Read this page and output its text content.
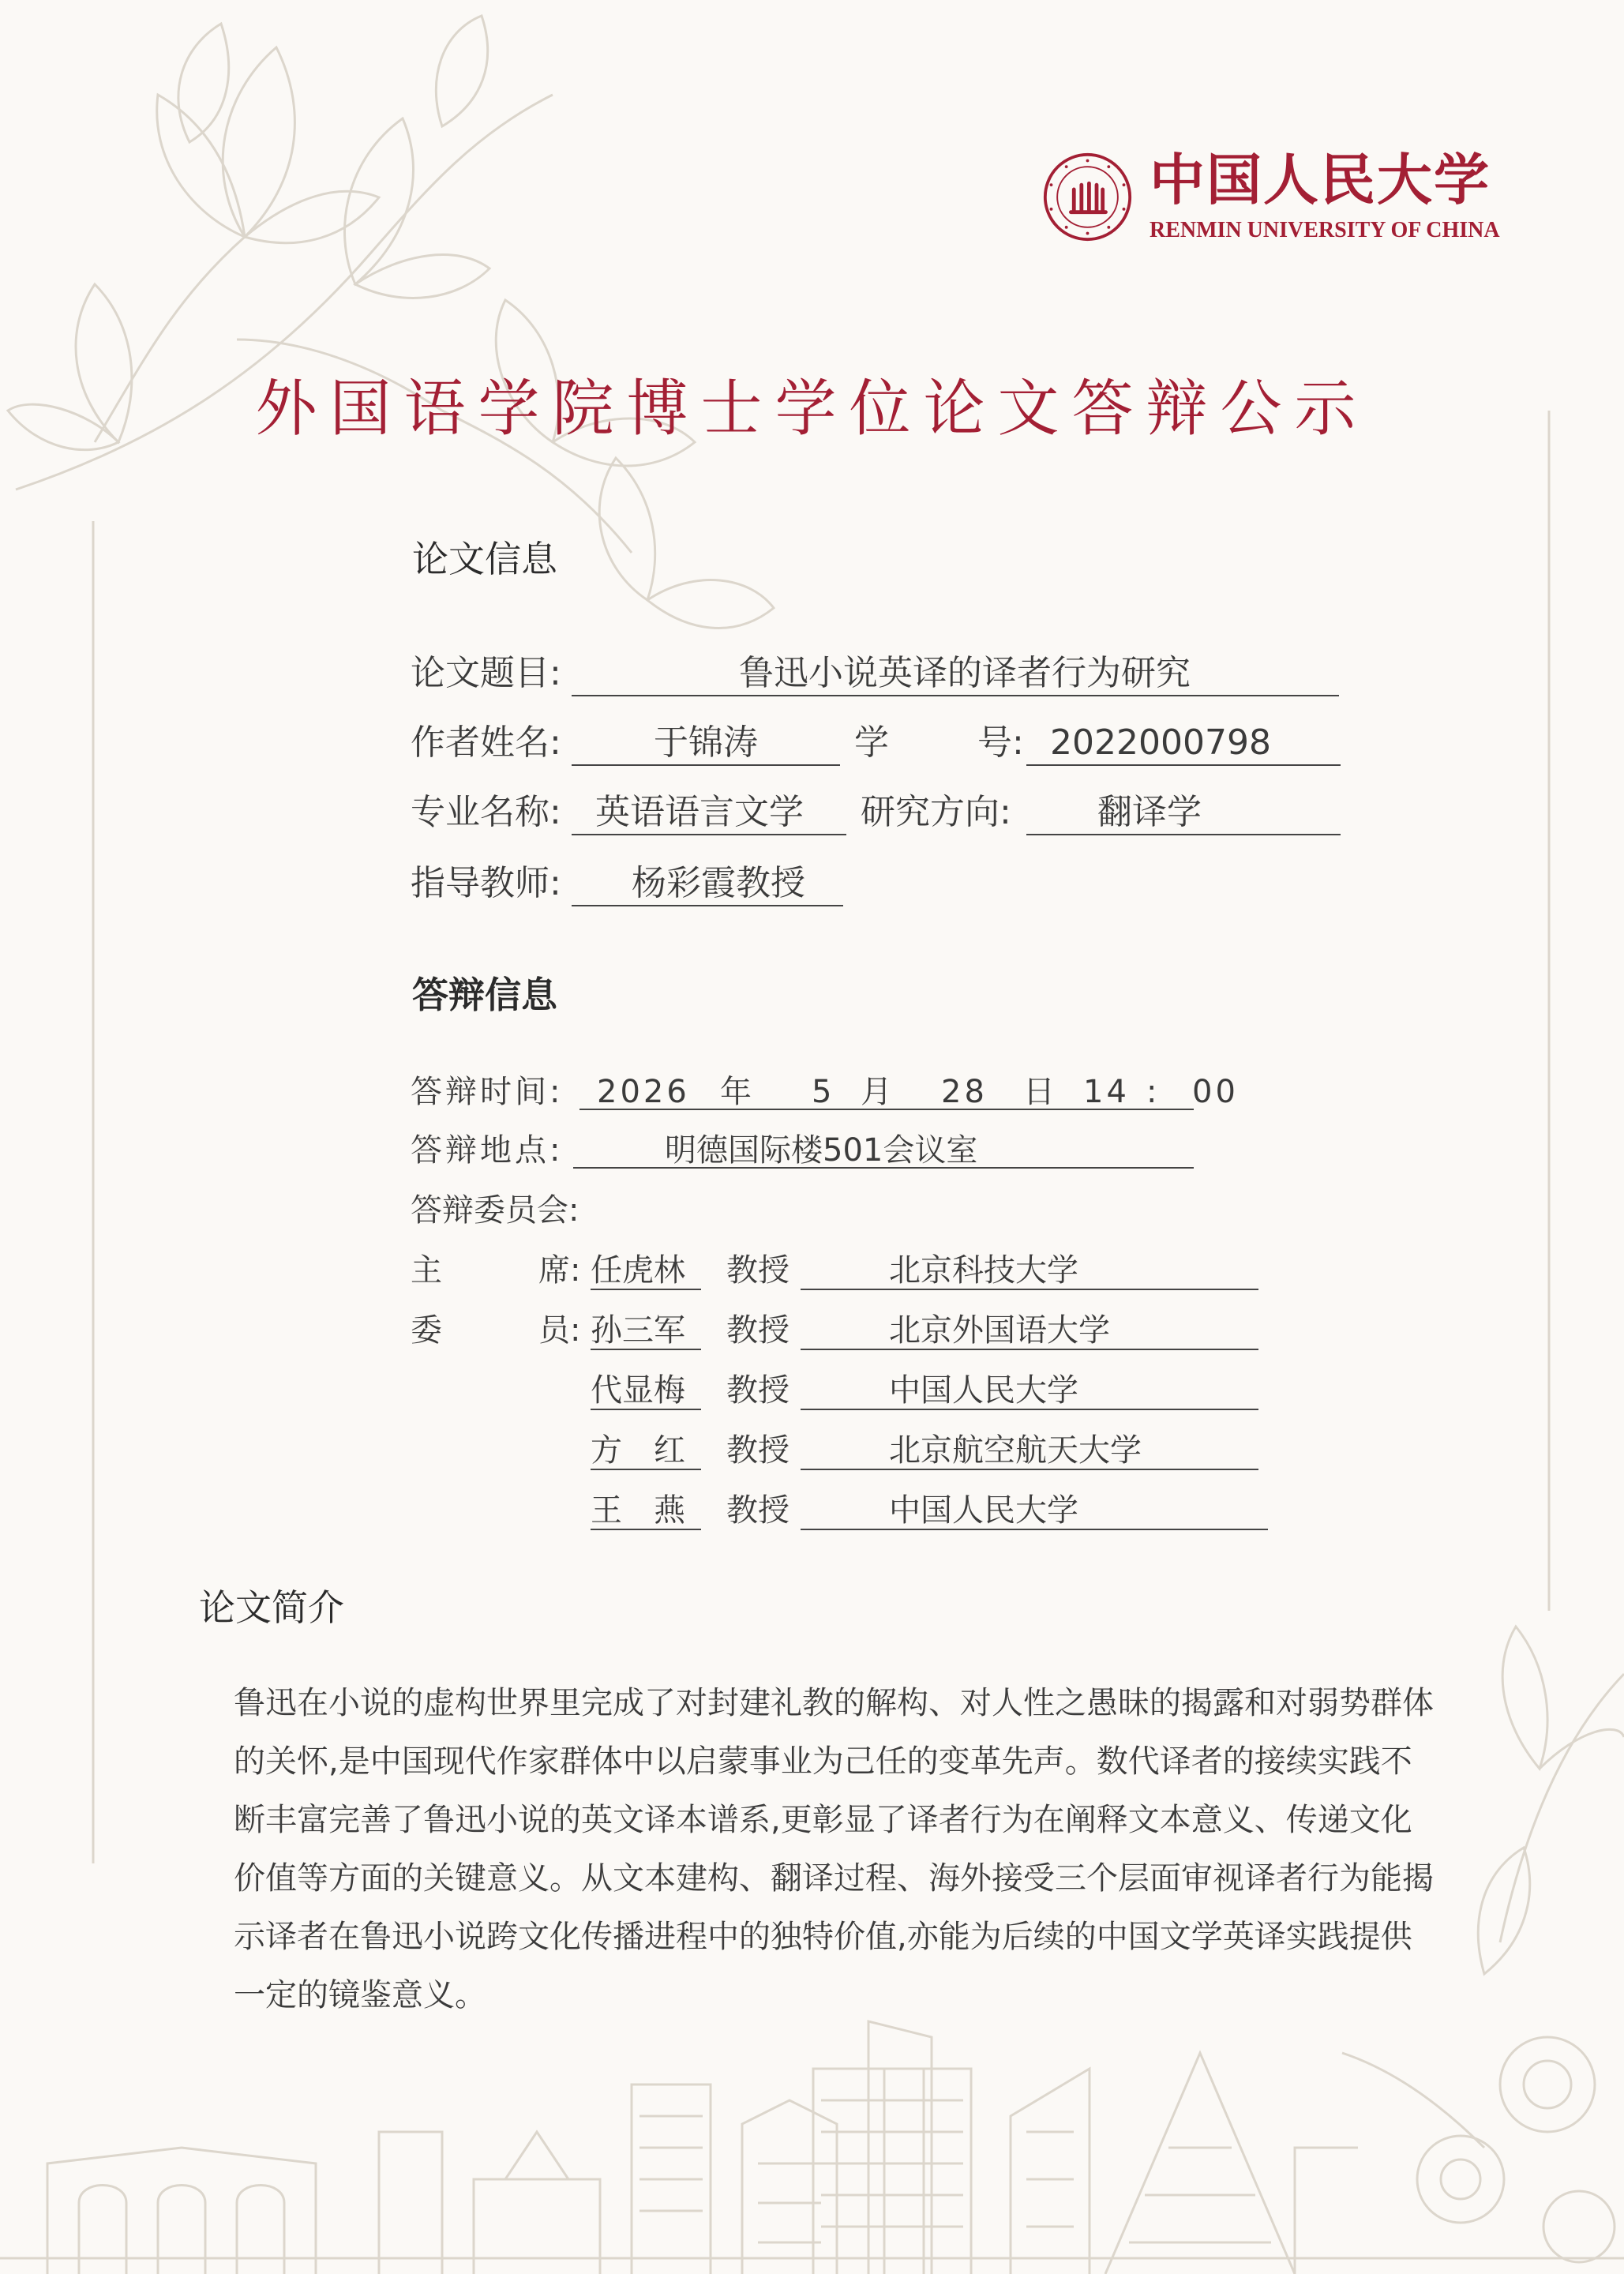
中国人民大学
RENMIN UNIVERSITY OF CHINA
外国语学院博士学位论文答辩公示
论文信息
论文题目:	鲁迅小说英译的译者行为研究
作者姓名:	于锦涛	学	号: 2022000798
专业名称: 英语语言文学 研究方向: 翻译学
指导教师: 杨彩霞教授
答辩信息
答辩时间: 2026 年 5 月 28 日 14 : 00
答辩地点:	明德国际楼501会议室
答辩委员会:
主	席: 任虎林 教授	北京科技大学
委	员: 孙三军 教授	北京外国语大学
代显梅 教授	中国人民大学
方　红 教授	北京航空航天大学
王　燕 教授	中国人民大学
论文简介
鲁迅在小说的虚构世界里完成了对封建礼教的解构、对人性之愚昧的揭露和对弱势群体的关怀,是中国现代作家群体中以启蒙事业为己任的变革先声。数代译者的接续实践不断丰富完善了鲁迅小说的英文译本谱系,更彰显了译者行为在阐释文本意义、传递文化价值等方面的关键意义。从文本建构、翻译过程、海外接受三个层面审视译者行为能揭示译者在鲁迅小说跨文化传播进程中的独特价值,亦能为后续的中国文学英译实践提供一定的镜鉴意义。
